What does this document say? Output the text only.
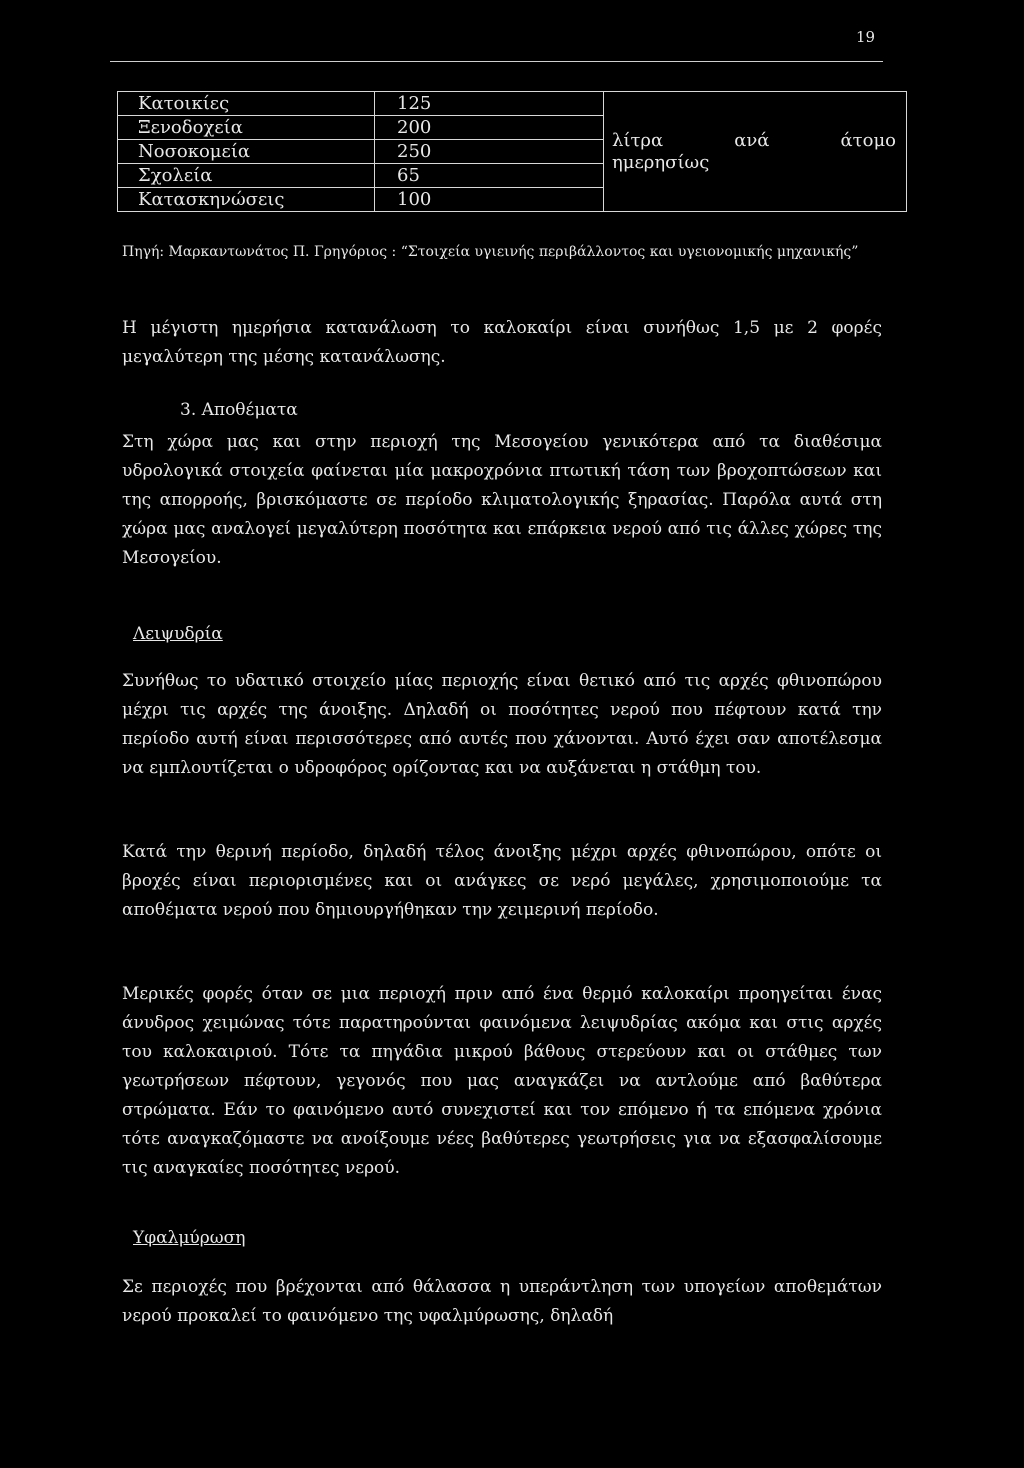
19
Κατοικίες	125	λίτρα ανά άτομο
ημερησίως

Ξενοδοχεία	200	
Νοσοκομεία	250	
Σχολεία	65	
Κατασκηνώσεις	100	
Πηγή: Μαρκαντωνάτος Π. Γρηγόριος : “Στοιχεία υγιεινής περιβάλλοντος και υγειονομικής μηχανικής”
Η μέγιστη ημερήσια κατανάλωση το καλοκαίρι είναι συνήθως 1,5 με 2 φορές μεγαλύτερη της μέσης κατανάλωσης.
3. Αποθέματα
Στη χώρα μας και στην περιοχή της Μεσογείου γενικότερα από τα διαθέσιμα υδρολογικά στοιχεία φαίνεται μία μακροχρόνια πτωτική τάση των βροχοπτώσεων και της απορροής, βρισκόμαστε σε περίοδο κλιματολογικής ξηρασίας. Παρόλα αυτά στη χώρα μας αναλογεί μεγαλύτερη ποσότητα και επάρκεια νερού από τις άλλες χώρες της Μεσογείου.
Λειψυδρία
Συνήθως το υδατικό στοιχείο μίας περιοχής είναι θετικό από τις αρχές φθινοπώρου μέχρι τις αρχές της άνοιξης. Δηλαδή οι ποσότητες νερού που πέφτουν κατά την περίοδο αυτή είναι περισσότερες από αυτές που χάνονται. Αυτό έχει σαν αποτέλεσμα να εμπλουτίζεται ο υδροφόρος ορίζοντας και να αυξάνεται η στάθμη του.
Κατά την θερινή περίοδο, δηλαδή τέλος άνοιξης μέχρι αρχές φθινοπώρου, οπότε οι βροχές είναι περιορισμένες και οι ανάγκες σε νερό μεγάλες, χρησιμοποιούμε τα αποθέματα νερού που δημιουργήθηκαν την χειμερινή περίοδο.
Μερικές φορές όταν σε μια περιοχή πριν από ένα θερμό καλοκαίρι προηγείται ένας άνυδρος χειμώνας τότε παρατηρούνται φαινόμενα λειψυδρίας ακόμα και στις αρχές του καλοκαιριού. Τότε τα πηγάδια μικρού βάθους στερεύουν και οι στάθμες των γεωτρήσεων πέφτουν, γεγονός που μας αναγκάζει να αντλούμε από βαθύτερα στρώματα. Εάν το φαινόμενο αυτό συνεχιστεί και τον επόμενο ή τα επόμενα χρόνια τότε αναγκαζόμαστε να ανοίξουμε νέες βαθύτερες γεωτρήσεις για να εξασφαλίσουμε τις αναγκαίες ποσότητες νερού.
Υφαλμύρωση
Σε περιοχές που βρέχονται από θάλασσα η υπεράντληση των υπογείων αποθεμάτων νερού προκαλεί το φαινόμενο της υφαλμύρωσης, δηλαδή
